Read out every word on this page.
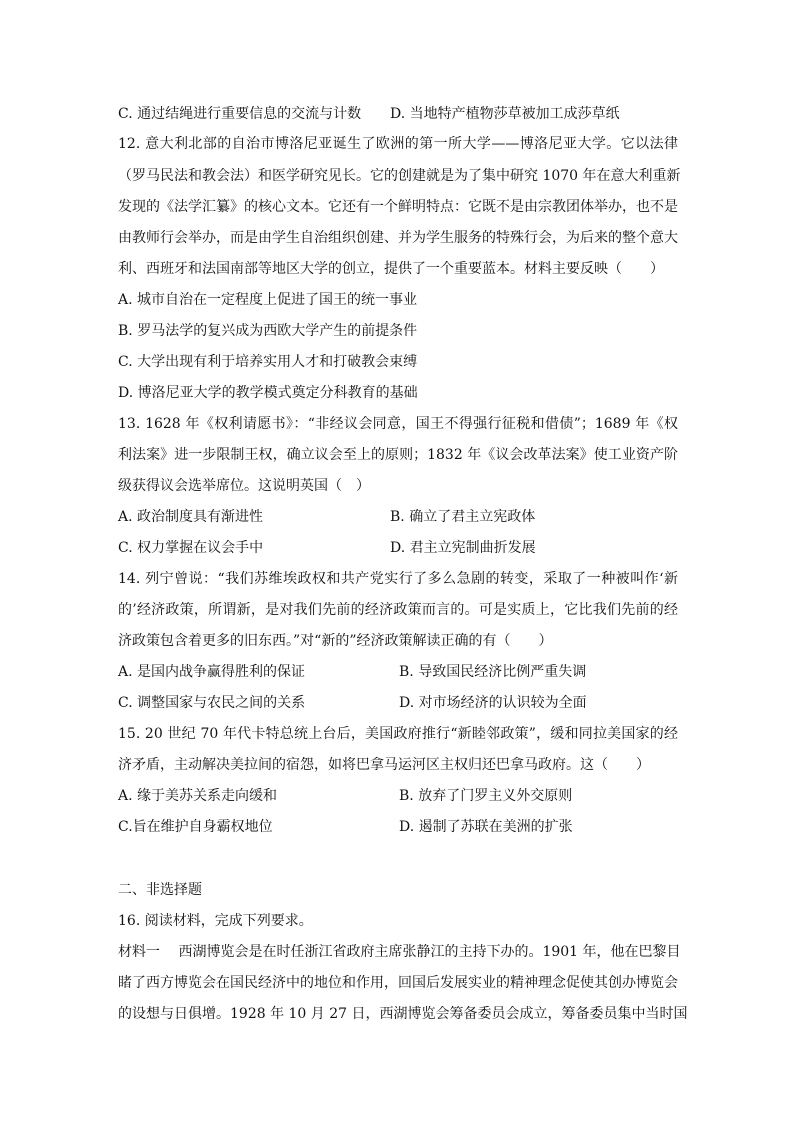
C. 通过结绳进行重要信息的交流与计数 D. 当地特产植物莎草被加工成莎草纸
12. 意大利北部的自治市博洛尼亚诞生了欧洲的第一所大学——博洛尼亚大学。它以法律
（罗马民法和教会法）和医学研究见长。它的创建就是为了集中研究 1070 年在意大利重新
发现的《法学汇纂》的核心文本。它还有一个鲜明特点：它既不是由宗教团体举办，也不是
由教师行会举办，而是由学生自治组织创建、并为学生服务的特殊行会，为后来的整个意大
利、西班牙和法国南部等地区大学的创立，提供了一个重要蓝本。材料主要反映（　　）
A. 城市自治在一定程度上促进了国王的统一事业
B. 罗马法学的复兴成为西欧大学产生的前提条件
C. 大学出现有利于培养实用人才和打破教会束缚
D. 博洛尼亚大学的教学模式奠定分科教育的基础
13. 1628 年《权利请愿书》：“非经议会同意，国王不得强行征税和借债”；1689 年《权
利法案》进一步限制王权，确立议会至上的原则；1832 年《议会改革法案》使工业资产阶
级获得议会选举席位。这说明英国（　）
A. 政治制度具有渐进性	B. 确立了君主立宪政体
C. 权力掌握在议会手中	D. 君主立宪制曲折发展
14. 列宁曾说：“我们苏维埃政权和共产党实行了多么急剧的转变，采取了一种被叫作‘新
的’经济政策，所谓新，是对我们先前的经济政策而言的。可是实质上，它比我们先前的经
济政策包含着更多的旧东西。”对“新的”经济政策解读正确的有（　　）
A. 是国内战争赢得胜利的保证	B. 导致国民经济比例严重失调
C. 调整国家与农民之间的关系	D. 对市场经济的认识较为全面
15. 20 世纪 70 年代卡特总统上台后，美国政府推行“新睦邻政策”，缓和同拉美国家的经
济矛盾，主动解决美拉间的宿怨，如将巴拿马运河区主权归还巴拿马政府。这（　　）
A. 缘于美苏关系走向缓和	B. 放弃了门罗主义外交原则
C.旨在维护自身霸权地位	D. 遏制了苏联在美洲的扩张
二、非选择题
16. 阅读材料，完成下列要求。
材料一　 西湖博览会是在时任浙江省政府主席张静江的主持下办的。1901 年，他在巴黎目
睹了西方博览会在国民经济中的地位和作用，回国后发展实业的精神理念促使其创办博览会
的设想与日俱增。1928 年 10 月 27 日，西湖博览会筹备委员会成立，筹备委员集中当时国
